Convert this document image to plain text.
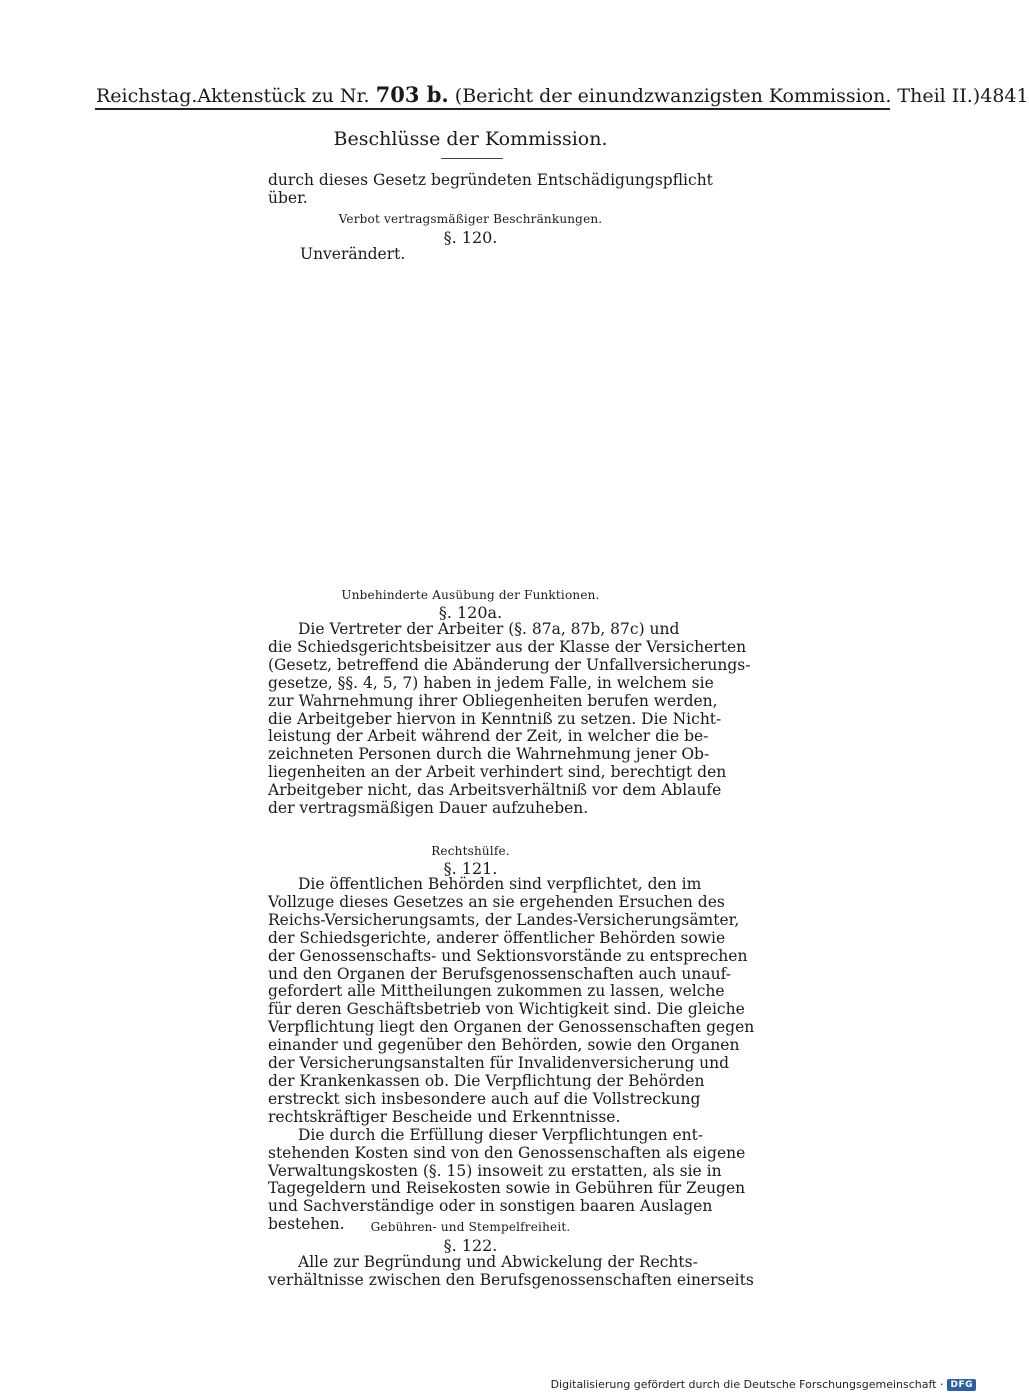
Reichstag. Aktenstück zu Nr. 703 b. (Bericht der einundzwanzigsten Kommission. Theil II.) 4841
Beschlüsse der Kommission.
durch dieses Gesetz begründeten Entschädigungspflicht
über.
Verbot vertragsmäßiger Beschränkungen.
§. 120.
Unverändert.
Unbehinderte Ausübung der Funktionen.
§. 120a.
Die Vertreter der Arbeiter (§. 87a, 87b, 87c) und
die Schiedsgerichtsbeisitzer aus der Klasse der Versicherten
(Gesetz, betreffend die Abänderung der Unfallversicherungs-
gesetze, §§. 4, 5, 7) haben in jedem Falle, in welchem sie
zur Wahrnehmung ihrer Obliegenheiten berufen werden,
die Arbeitgeber hiervon in Kenntniß zu setzen. Die Nicht-
leistung der Arbeit während der Zeit, in welcher die be-
zeichneten Personen durch die Wahrnehmung jener Ob-
liegenheiten an der Arbeit verhindert sind, berechtigt den
Arbeitgeber nicht, das Arbeitsverhältniß vor dem Ablaufe
der vertragsmäßigen Dauer aufzuheben.
Rechtshülfe.
§. 121.
Die öffentlichen Behörden sind verpflichtet, den im
Vollzuge dieses Gesetzes an sie ergehenden Ersuchen des
Reichs-Versicherungsamts, der Landes-Versicherungsämter,
der Schiedsgerichte, anderer öffentlicher Behörden sowie
der Genossenschafts- und Sektionsvorstände zu entsprechen
und den Organen der Berufsgenossenschaften auch unauf-
gefordert alle Mittheilungen zukommen zu lassen, welche
für deren Geschäftsbetrieb von Wichtigkeit sind. Die gleiche
Verpflichtung liegt den Organen der Genossenschaften gegen
einander und gegenüber den Behörden, sowie den Organen
der Versicherungsanstalten für Invalidenversicherung und
der Krankenkassen ob. Die Verpflichtung der Behörden
erstreckt sich insbesondere auch auf die Vollstreckung
rechtskräftiger Bescheide und Erkenntnisse.
Die durch die Erfüllung dieser Verpflichtungen ent-
stehenden Kosten sind von den Genossenschaften als eigene
Verwaltungskosten (§. 15) insoweit zu erstatten, als sie in
Tagegeldern und Reisekosten sowie in Gebühren für Zeugen
und Sachverständige oder in sonstigen baaren Auslagen
bestehen.	Gebühren- und Stempelfreiheit.
§. 122.
Alle zur Begründung und Abwickelung der Rechts-
verhältnisse zwischen den Berufsgenossenschaften einerseits
Digitalisierung gefördert durch die Deutsche Forschungsgemeinschaft · DFG
